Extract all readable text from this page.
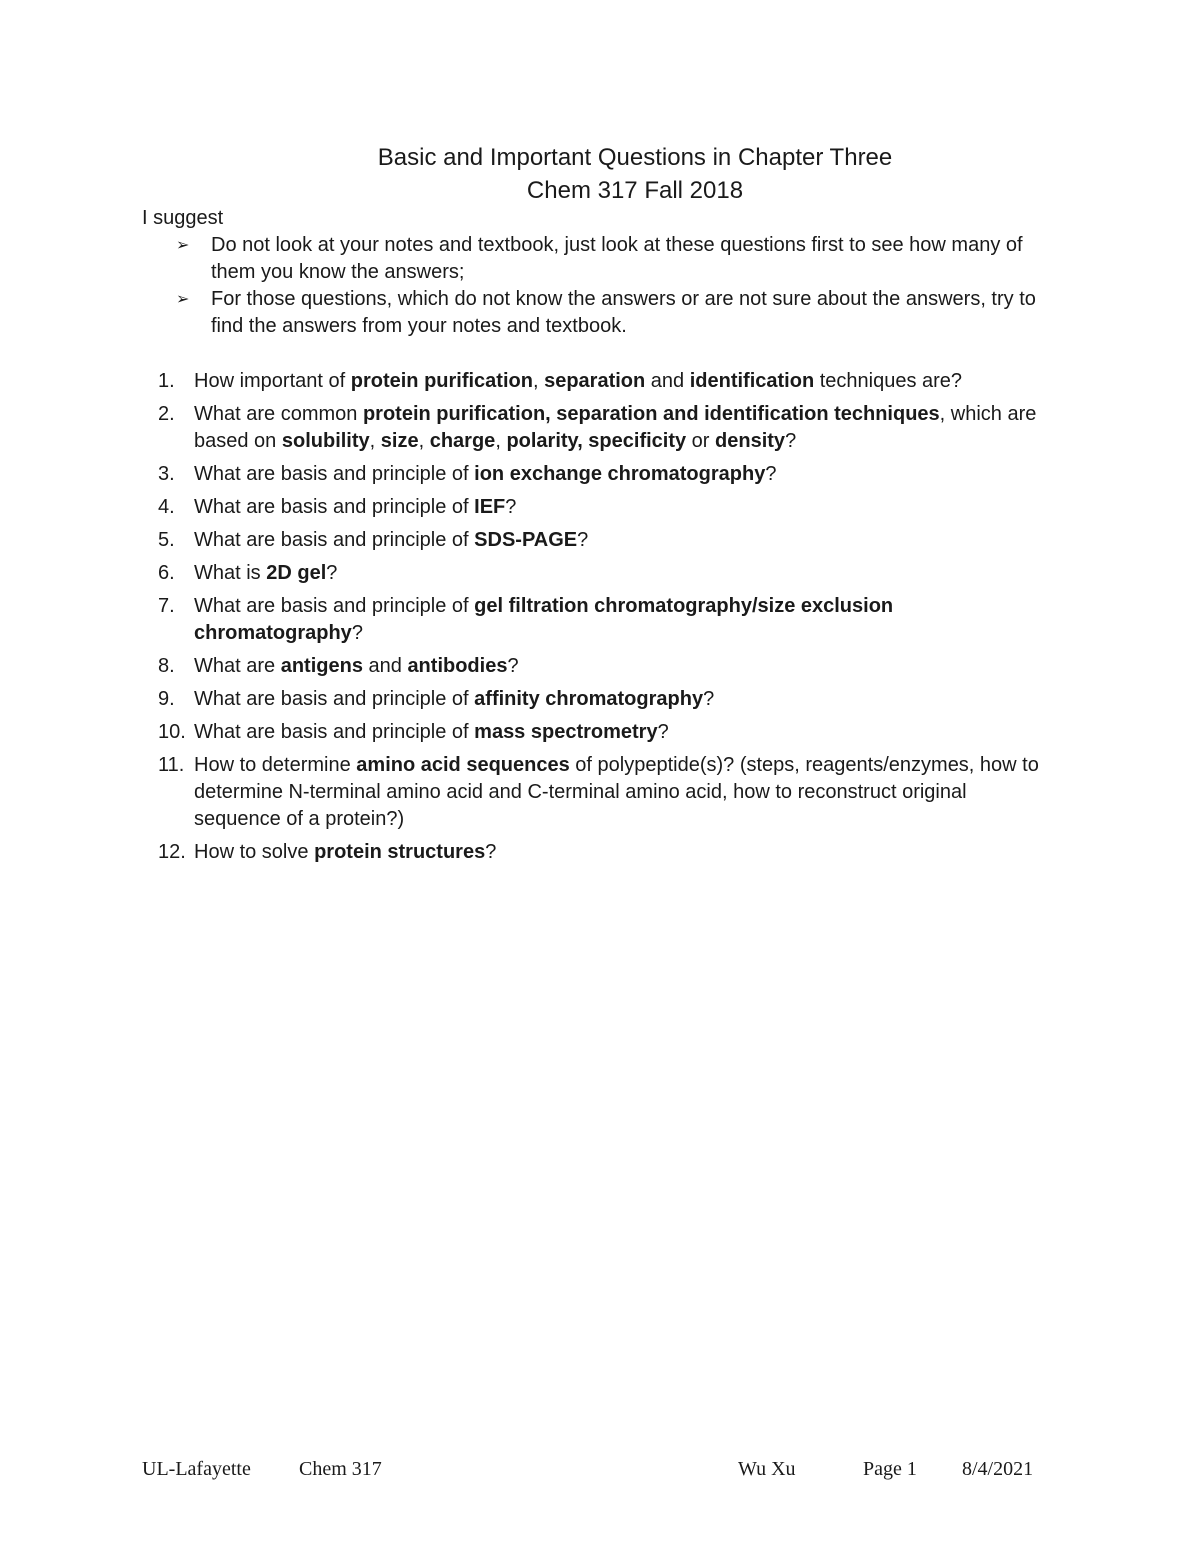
Basic and Important Questions in Chapter Three
Chem 317 Fall 2018
I suggest
➢ Do not look at your notes and textbook, just look at these questions first to see how many of them you know the answers;
➢ For those questions, which do not know the answers or are not sure about the answers, try to find the answers from your notes and textbook.
1. How important of protein purification, separation and identification techniques are?
2. What are common protein purification, separation and identification techniques, which are based on solubility, size, charge, polarity, specificity or density?
3. What are basis and principle of ion exchange chromatography?
4. What are basis and principle of IEF?
5. What are basis and principle of SDS-PAGE?
6. What is 2D gel?
7. What are basis and principle of gel filtration chromatography/size exclusion chromatography?
8. What are antigens and antibodies?
9. What are basis and principle of affinity chromatography?
10. What are basis and principle of mass spectrometry?
11. How to determine amino acid sequences of polypeptide(s)? (steps, reagents/enzymes, how to determine N-terminal amino acid and C-terminal amino acid, how to reconstruct original sequence of a protein?)
12. How to solve protein structures?
UL-Lafayette Chem 317	Wu Xu	Page 1 8/4/2021
